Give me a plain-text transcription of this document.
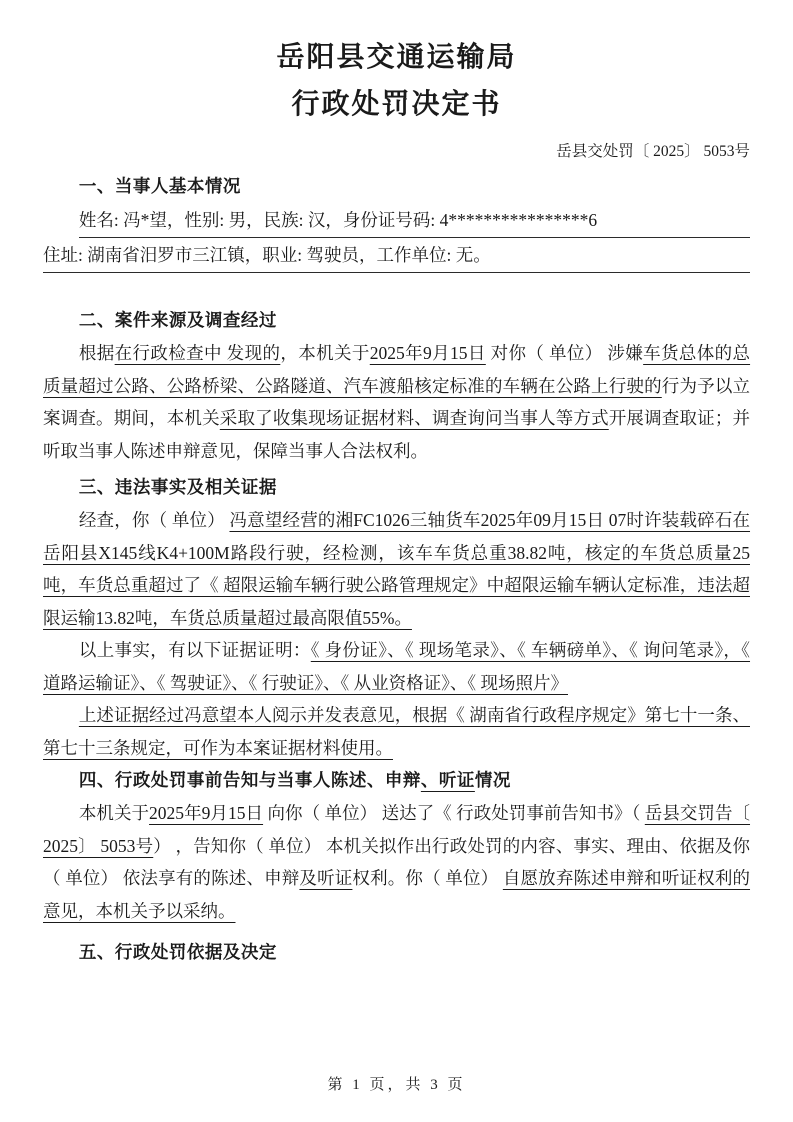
岳阳县交通运输局
行政处罚决定书
岳县交处罚〔 2025〕 5053号
一、当事人基本情况

姓名: 冯*望，性别: 男，民族: 汉，身份证号码: 4****************6

住址: 湖南省汨罗市三江镇，职业: 驾驶员，工作单位: 无。

二、案件来源及调查经过

根据在行政检查中 发现的，本机关于2025年9月15日 对你（ 单位） 涉嫌车货总体的总质量超过公路、公路桥梁、公路隧道、汽车渡船核定标准的车辆在公路上行驶的行为予以立案调查。期间，本机关采取了收集现场证据材料、调查询问当事人等方式开展调查取证；并听取当事人陈述申辩意见，保障当事人合法权利。

三、违法事实及相关证据

经查，你（ 单位） 冯意望经营的湘FC1026三轴货车2025年09月15日 07时许装载碎石在岳阳县X145线K4+100M路段行驶，经检测，该车车货总重38.82吨，核定的车货总质量25吨，车货总重超过了《 超限运输车辆行驶公路管理规定》中超限运输车辆认定标准，违法超限运输13.82吨，车货总质量超过最高限值55%。

以上事实，有以下证据证明：《 身份证》、《 现场笔录》、《 车辆磅单》、《 询问笔录》，《 道路运输证》、《 驾驶证》、《 行驶证》、《 从业资格证》、《 现场照片》

上述证据经过冯意望本人阅示并发表意见，根据《 湖南省行政程序规定》第七十一条、第七十三条规定，可作为本案证据材料使用。

四、行政处罚事前告知与当事人陈述、申辩、听证情况

本机关于2025年9月15日 向你（ 单位） 送达了《 行政处罚事前告知书》（ 岳县交罚告〔 2025〕 5053号） ，告知你（ 单位） 本机关拟作出行政处罚的内容、事实、理由、依据及你（ 单位） 依法享有的陈述、申辩及听证权利。你（ 单位） 自愿放弃陈述申辩和听证权利的意见，本机关予以采纳。

五、行政处罚依据及决定
第 1 页，共 3 页
